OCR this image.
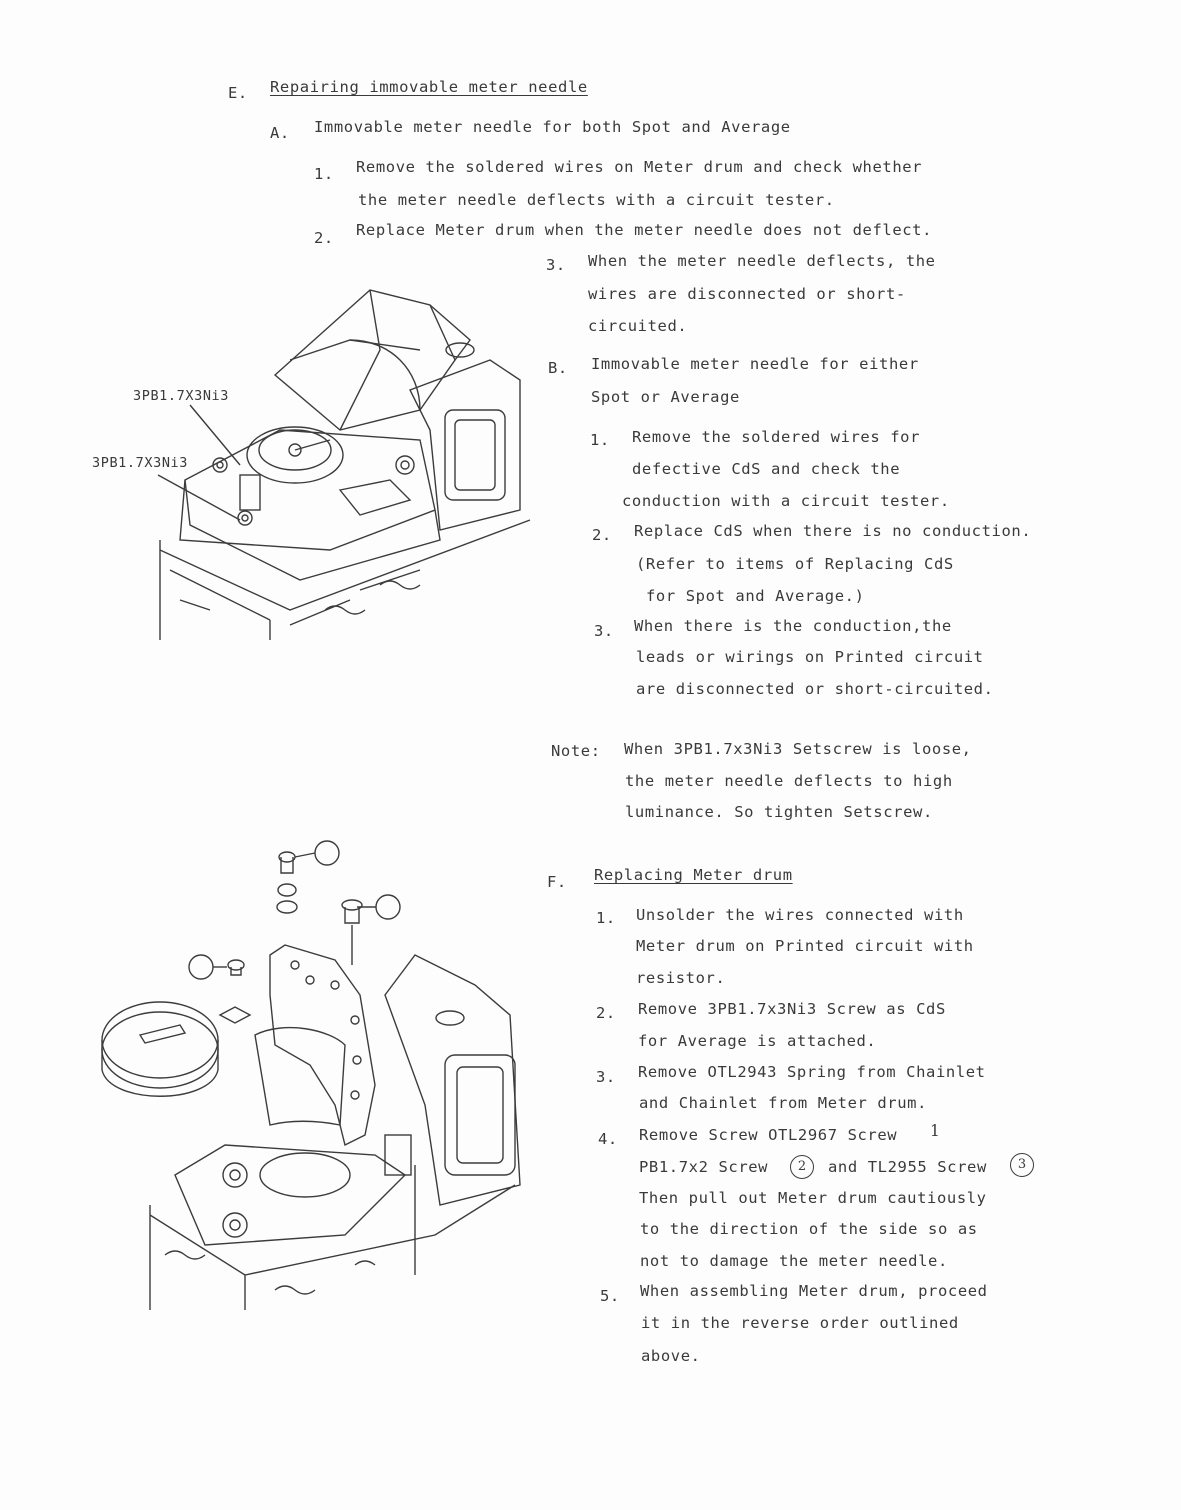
E. Repairing immovable meter needle
A. Immovable meter needle for both Spot and Average
1. Remove the soldered wires on Meter drum and check whether
the meter needle deflects with a circuit tester.
2. Replace Meter drum when the meter needle does not deflect.
3. When the meter needle deflects, the
wires are disconnected or short-
circuited.
B. Immovable meter needle for either
Spot or Average
1. Remove the soldered wires for
defective CdS and check the
conduction with a circuit tester.
2. Replace CdS when there is no conduction.
(Refer to items of Replacing CdS
for Spot and Average.)
3. When there is the conduction,the
leads or wirings on Printed circuit
are disconnected or short-circuited.
Note: When 3PB1.7x3Ni3 Setscrew is loose,
the meter needle deflects to high
luminance. So tighten Setscrew.
F. Replacing Meter drum
1. Unsolder the wires connected with
Meter drum on Printed circuit with
resistor.
2. Remove 3PB1.7x3Ni3 Screw as CdS
for Average is attached.
3. Remove OTL2943 Spring from Chainlet
and Chainlet from Meter drum.
4. Remove Screw OTL2967 Screw 1
PB1.7x2 Screw	2	and TL2955 Screw	3
Then pull out Meter drum cautiously
to the direction of the side so as
not to damage the meter needle.
5. When assembling Meter drum, proceed
it in the reverse order outlined
above.
3PB1.7X3Ni3
3PB1.7X3Ni3
